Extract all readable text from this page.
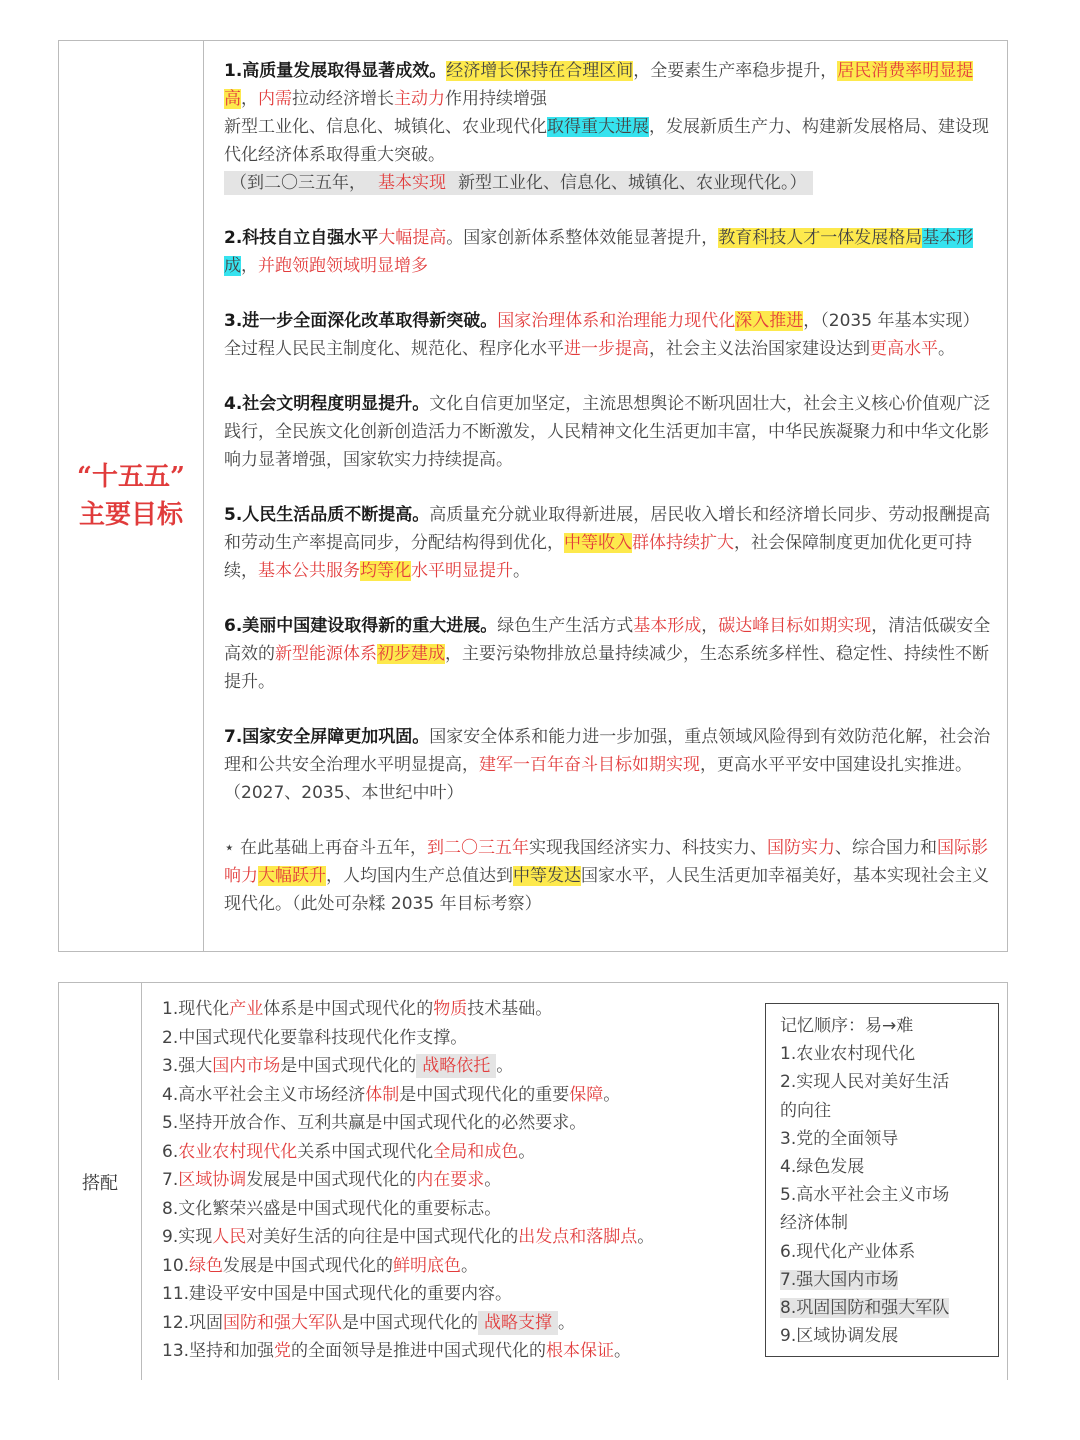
“十五五”
主要目标
1.高质量发展取得显著成效。经济增长保持在合理区间，全要素生产率稳步提升，居民消费率明显提高，内需拉动经济增长主动力作用持续增强
新型工业化、信息化、城镇化、农业现代化取得重大进展，发展新质生产力、构建新发展格局、建设现代化经济体系取得重大突破。
（到二〇三五年， 基本实现 新型工业化、信息化、城镇化、农业现代化。）
2.科技自立自强水平大幅提高。国家创新体系整体效能显著提升，教育科技人才一体发展格局基本形成，并跑领跑领域明显增多
3.进一步全面深化改革取得新突破。国家治理体系和治理能力现代化深入推进，（2035 年基本实现）全过程人民民主制度化、规范化、程序化水平进一步提高，社会主义法治国家建设达到更高水平。
4.社会文明程度明显提升。文化自信更加坚定，主流思想舆论不断巩固壮大，社会主义核心价值观广泛践行，全民族文化创新创造活力不断激发，人民精神文化生活更加丰富，中华民族凝聚力和中华文化影响力显著增强，国家软实力持续提高。
5.人民生活品质不断提高。高质量充分就业取得新进展，居民收入增长和经济增长同步、劳动报酬提高和劳动生产率提高同步，分配结构得到优化，中等收入群体持续扩大，社会保障制度更加优化更可持续，基本公共服务均等化水平明显提升。
6.美丽中国建设取得新的重大进展。绿色生产生活方式基本形成，碳达峰目标如期实现，清洁低碳安全高效的新型能源体系初步建成，主要污染物排放总量持续减少，生态系统多样性、稳定性、持续性不断提升。
7.国家安全屏障更加巩固。国家安全体系和能力进一步加强，重点领域风险得到有效防范化解，社会治理和公共安全治理水平明显提高，建军一百年奋斗目标如期实现，更高水平平安中国建设扎实推进。（2027、2035、本世纪中叶）
⋆ 在此基础上再奋斗五年，到二〇三五年实现我国经济实力、科技实力、国防实力、综合国力和国际影响力大幅跃升，人均国内生产总值达到中等发达国家水平，人民生活更加幸福美好，基本实现社会主义现代化。（此处可杂糅 2035 年目标考察）
搭配
1.现代化产业体系是中国式现代化的物质技术基础。
2.中国式现代化要靠科技现代化作支撑。
3.强大国内市场是中国式现代化的 战略依托 。
4.高水平社会主义市场经济体制是中国式现代化的重要保障。
5.坚持开放合作、互利共赢是中国式现代化的必然要求。
6.农业农村现代化关系中国式现代化全局和成色。
7.区域协调发展是中国式现代化的内在要求。
8.文化繁荣兴盛是中国式现代化的重要标志。
9.实现人民对美好生活的向往是中国式现代化的出发点和落脚点。
10.绿色发展是中国式现代化的鲜明底色。
11.建设平安中国是中国式现代化的重要内容。
12.巩固国防和强大军队是中国式现代化的 战略支撑 。
13.坚持和加强党的全面领导是推进中国式现代化的根本保证。
记忆顺序：易→难
1.农业农村现代化
2.实现人民对美好生活
的向往
3.党的全面领导
4.绿色发展
5.高水平社会主义市场
经济体制
6.现代化产业体系
7.强大国内市场
8.巩固国防和强大军队
9.区域协调发展
